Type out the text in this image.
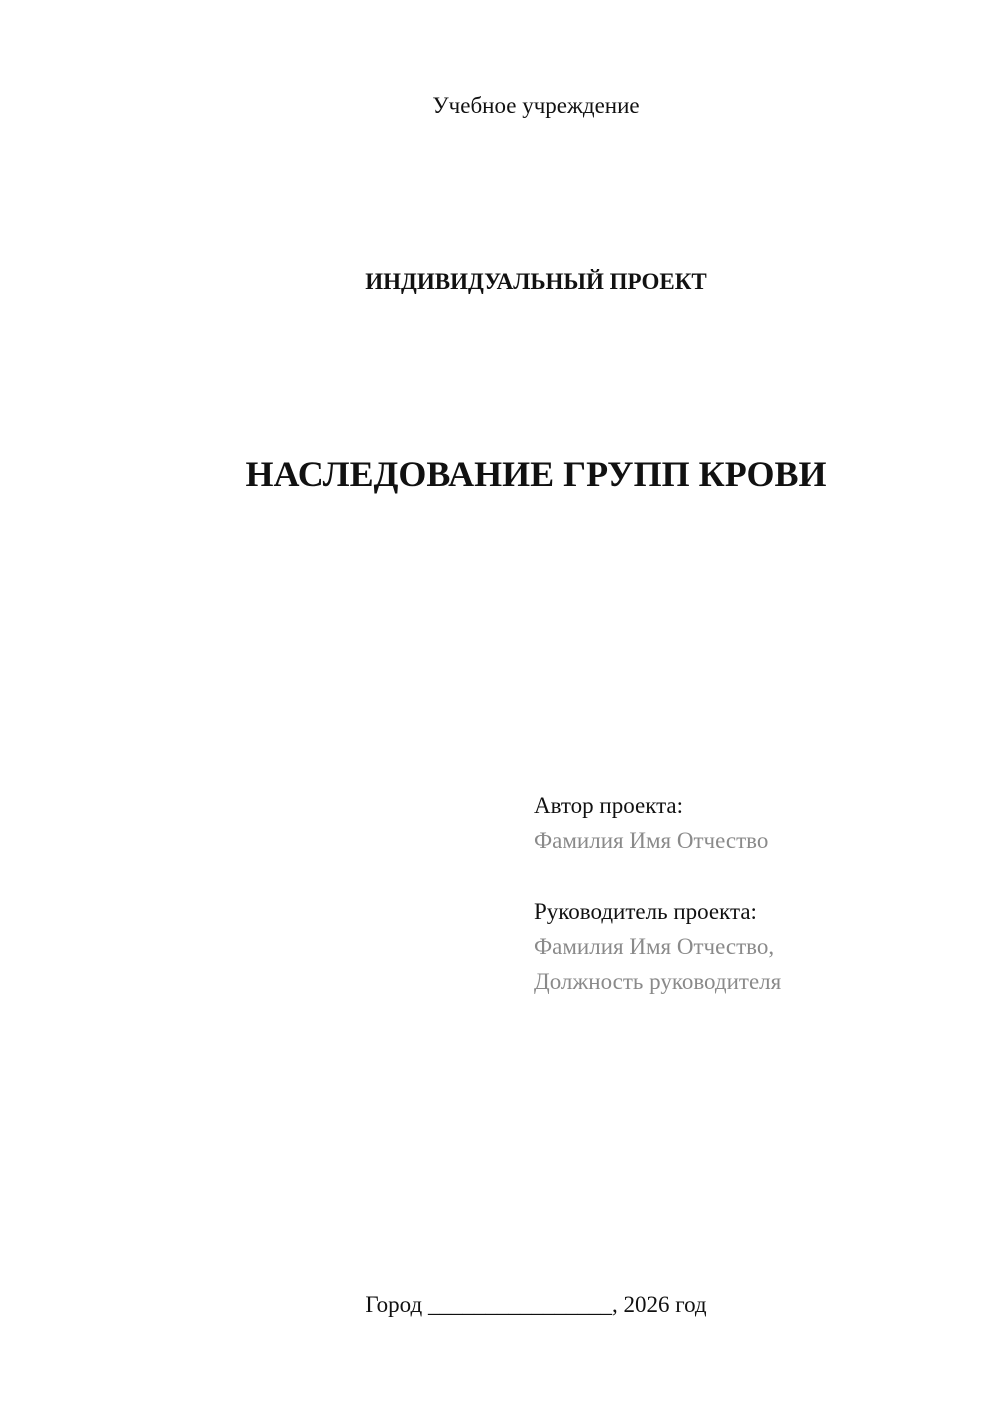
Учебное учреждение
ИНДИВИДУАЛЬНЫЙ ПРОЕКТ
НАСЛЕДОВАНИЕ ГРУПП КРОВИ
Автор проекта:
Фамилия Имя Отчество
Руководитель проекта:
Фамилия Имя Отчество,
Должность руководителя
Город ________________, 2026 год
